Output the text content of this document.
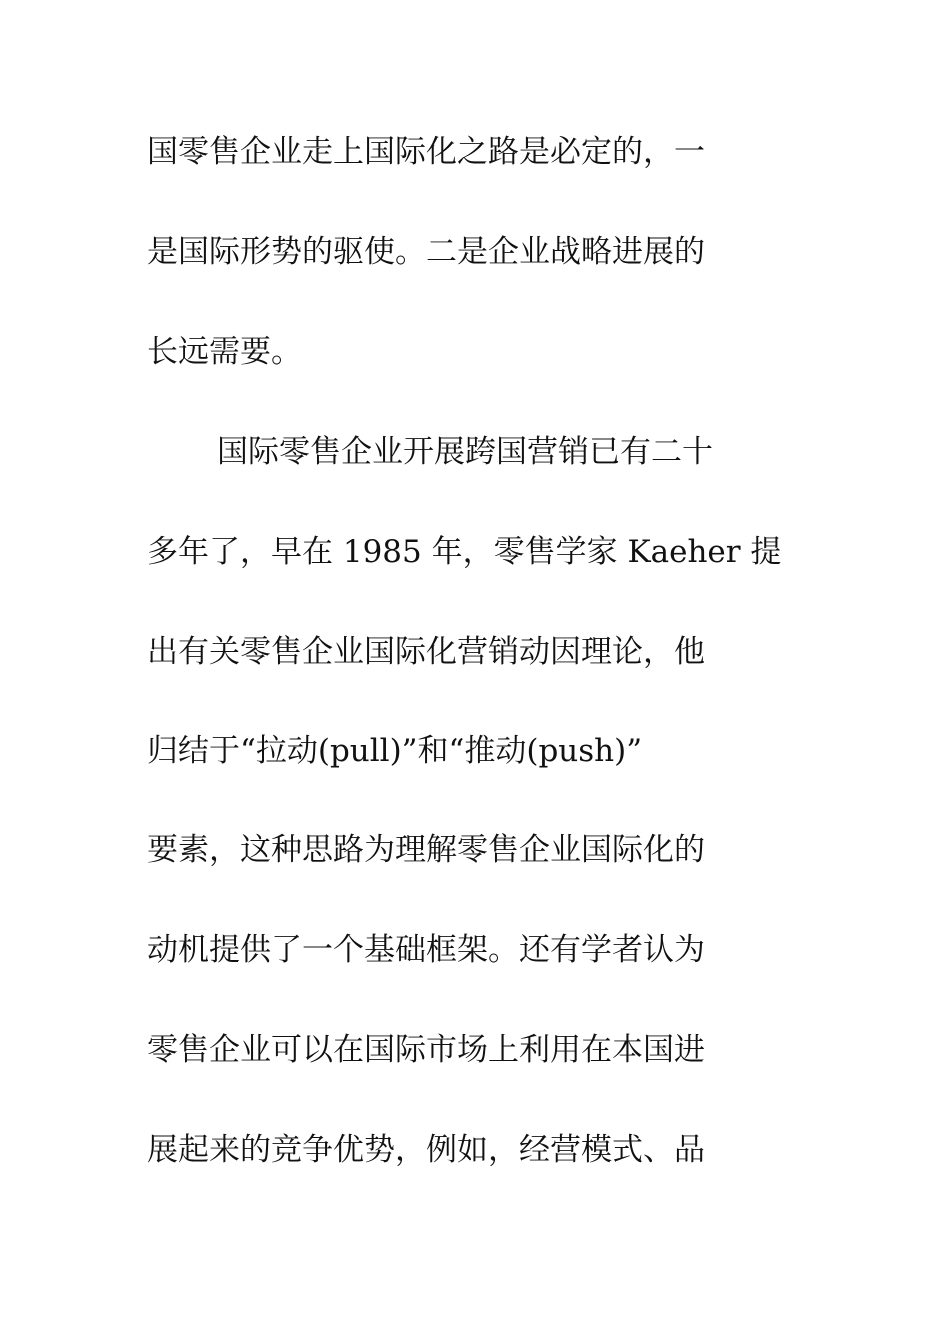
国零售企业走上国际化之路是必定的，一
是国际形势的驱使。二是企业战略进展的
长远需要。
国际零售企业开展跨国营销已有二十
多年了，早在 1985 年，零售学家 Kaeher 提
出有关零售企业国际化营销动因理论，他
归结于“拉动(pull)”和“推动(push)”
要素，这种思路为理解零售企业国际化的
动机提供了一个基础框架。还有学者认为
零售企业可以在国际市场上利用在本国进
展起来的竞争优势，例如，经营模式、品
